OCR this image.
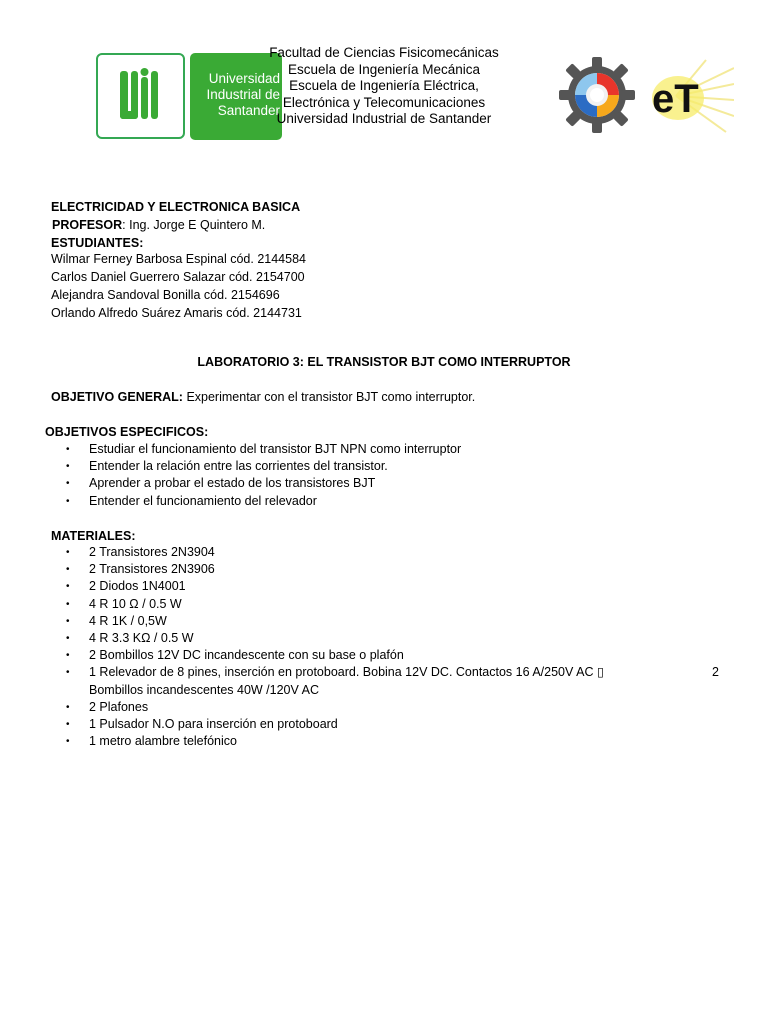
Universidad
Industrial de
Santander
Facultad de Ciencias Fisicomecánicas
Escuela de Ingeniería Mecánica
Escuela de Ingeniería Eléctrica,
Electrónica y Telecomunicaciones
Universidad Industrial de Santander	eT
ELECTRICIDAD Y ELECTRONICA BASICA
PROFESOR: Ing. Jorge E Quintero M.
ESTUDIANTES:
Wilmar Ferney Barbosa Espinal cód. 2144584
Carlos Daniel Guerrero Salazar cód. 2154700
Alejandra Sandoval Bonilla cód. 2154696
Orlando Alfredo Suárez Amaris cód. 2144731
LABORATORIO 3: EL TRANSISTOR BJT COMO INTERRUPTOR
OBJETIVO GENERAL: Experimentar con el transistor BJT como interruptor.
OBJETIVOS ESPECIFICOS:
• Estudiar el funcionamiento del transistor BJT NPN como interruptor
• Entender la relación entre las corrientes del transistor.
• Aprender a probar el estado de los transistores BJT
• Entender el funcionamiento del relevador
MATERIALES:
• 2 Transistores 2N3904
• 2 Transistores 2N3906
• 2 Diodos 1N4001
• 4 R 10 Ω / 0.5 W
• 4 R 1K / 0,5W
• 4 R 3.3 KΩ / 0.5 W
• 2 Bombillos 12V DC incandescente con su base o plafón
• 1 Relevador de 8 pines, inserción en protoboard. Bobina 12V DC. Contactos 16 A/250V AC ▯	2
Bombillos incandescentes 40W /120V AC
• 2 Plafones
• 1 Pulsador N.O para inserción en protoboard
• 1 metro alambre telefónico
